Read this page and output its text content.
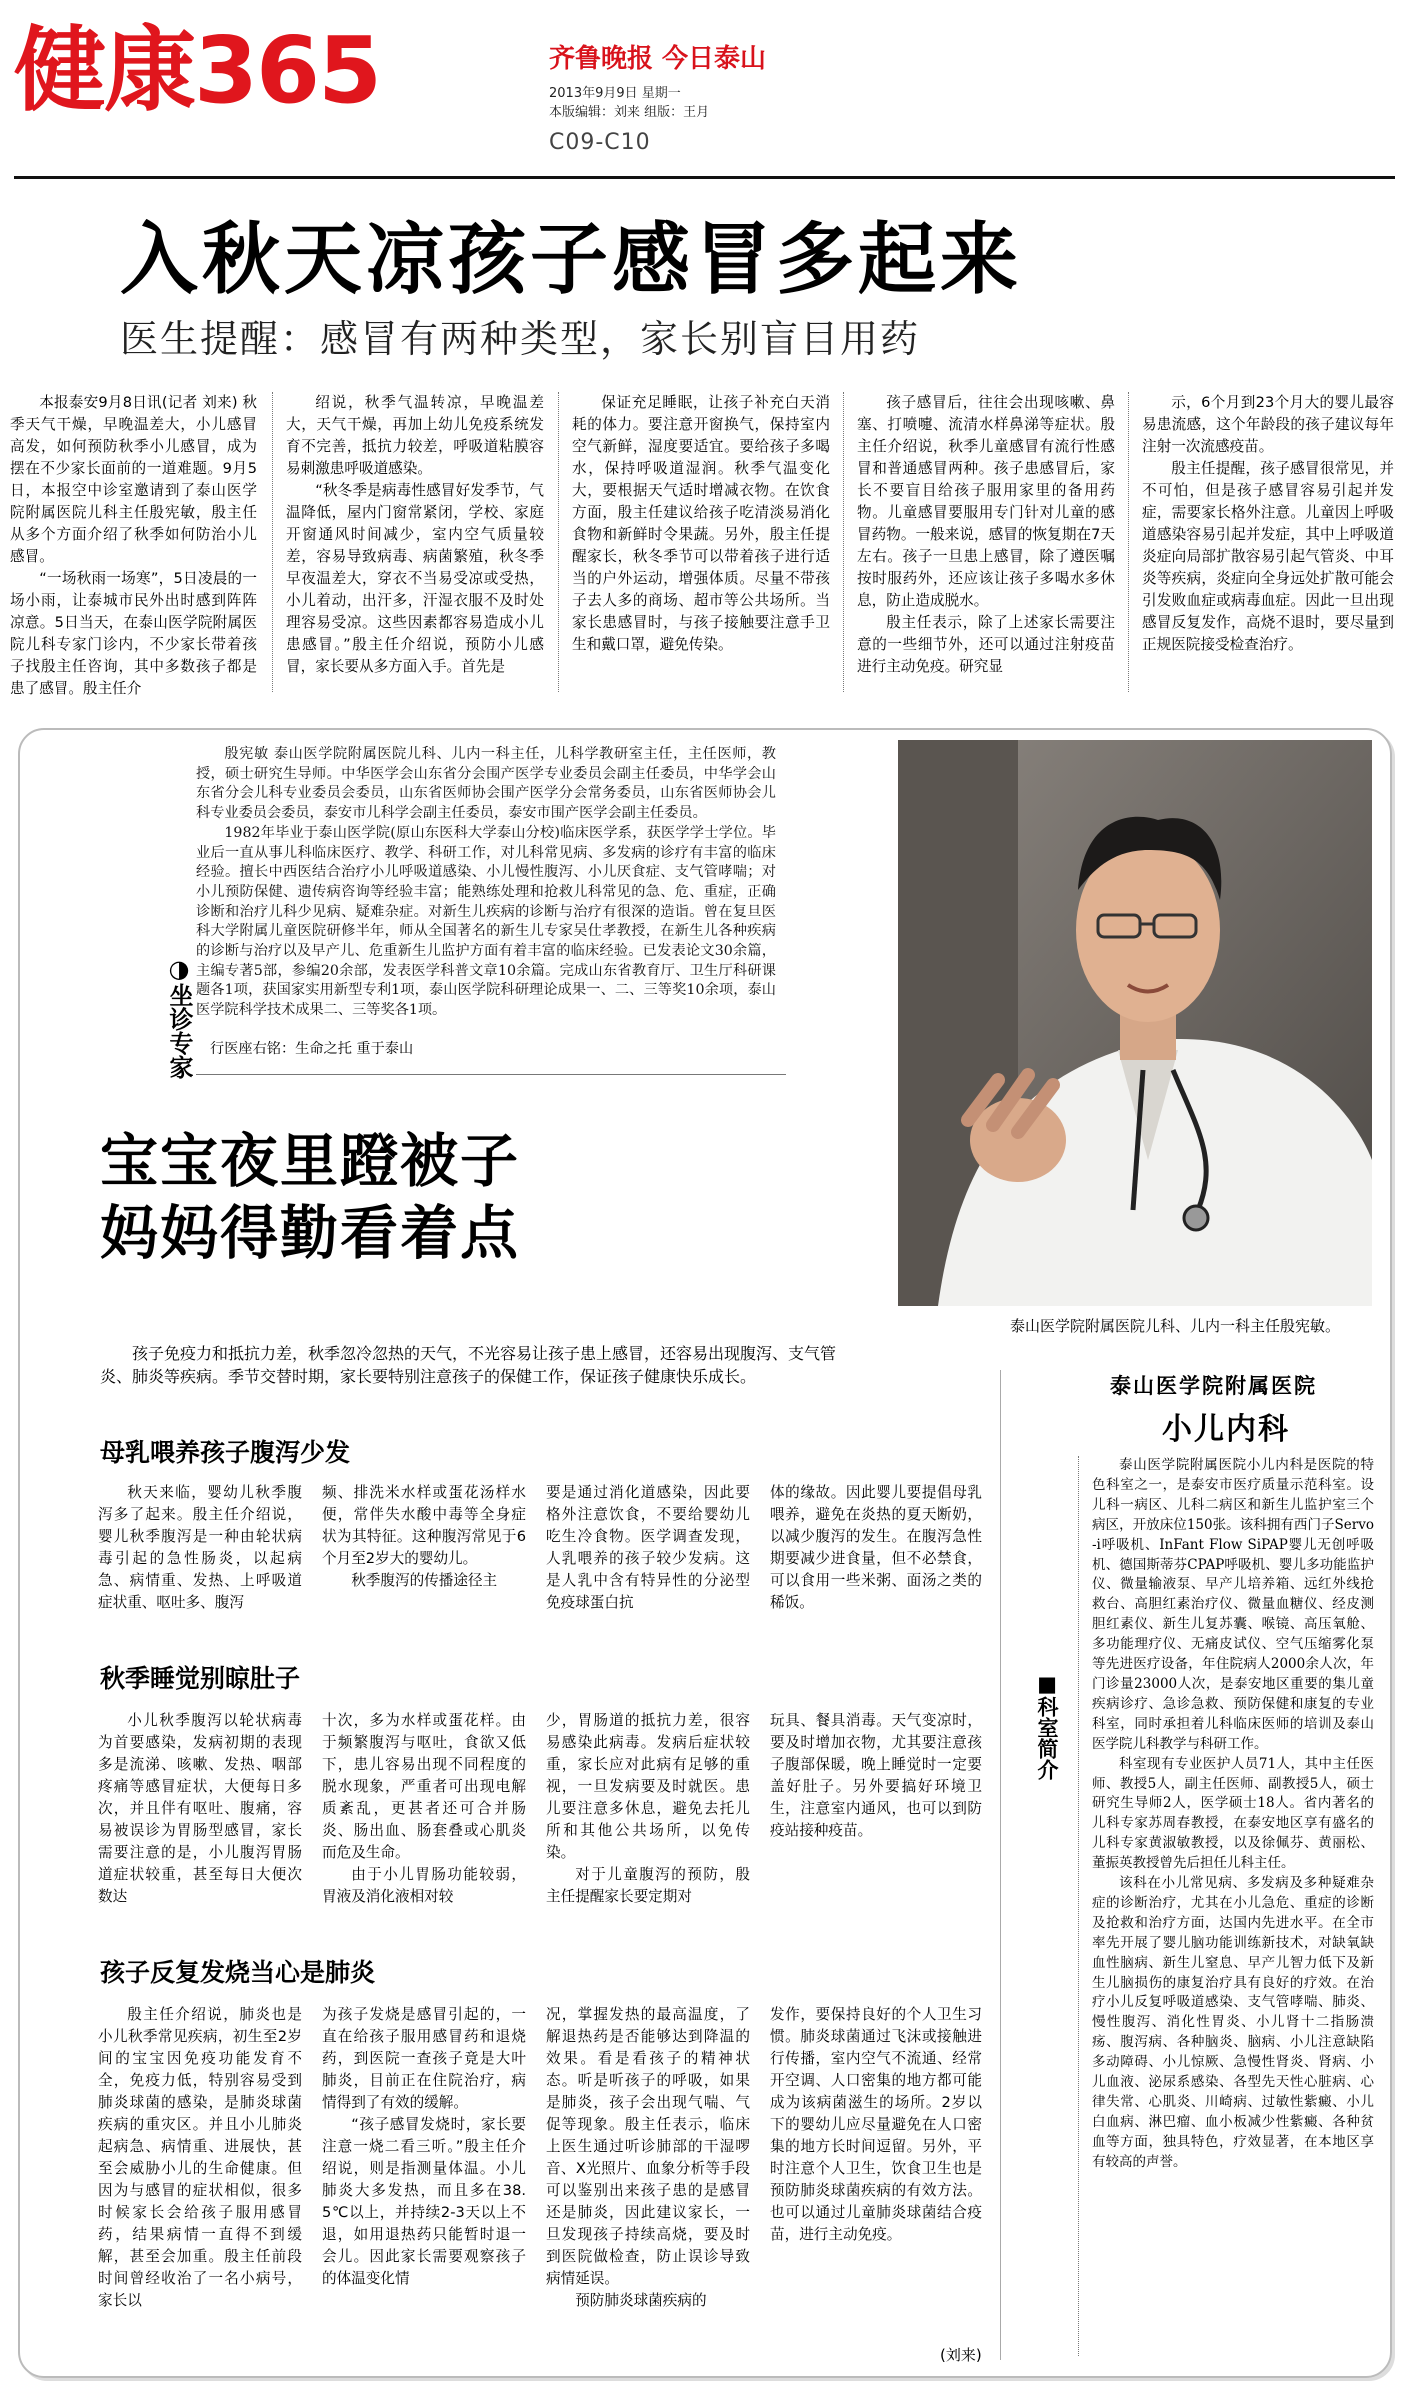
健康365	齐鲁晚报 今日泰山
2013年9月9日 星期一
本版编辑：刘来 组版：王月
C09-C10
入秋天凉孩子感冒多起来
医生提醒：感冒有两种类型，家长别盲目用药

本报泰安9月8日讯(记者 刘来) 秋季天气干燥，早晚温差大，小儿感冒高发，如何预防秋季小儿感冒，成为摆在不少家长面前的一道难题。9月5日，本报空中诊室邀请到了泰山医学院附属医院儿科主任殷宪敏，殷主任从多个方面介绍了秋季如何防治小儿感冒。

“一场秋雨一场寒”，5日凌晨的一场小雨，让泰城市民外出时感到阵阵凉意。5日当天，在泰山医学院附属医院儿科专家门诊内，不少家长带着孩子找殷主任咨询，其中多数孩子都是患了感冒。殷主任介

绍说，秋季气温转凉，早晚温差大，天气干燥，再加上幼儿免疫系统发育不完善，抵抗力较差，呼吸道粘膜容易刺激患呼吸道感染。

“秋冬季是病毒性感冒好发季节，气温降低，屋内门窗常紧闭，学校、家庭开窗通风时间减少，室内空气质量较差，容易导致病毒、病菌繁殖，秋冬季早夜温差大，穿衣不当易受凉或受热，小儿着动，出汗多，汗湿衣服不及时处理容易受凉。这些因素都容易造成小儿患感冒。”殷主任介绍说，预防小儿感冒，家长要从多方面入手。首先是

保证充足睡眠，让孩子补充白天消耗的体力。要注意开窗换气，保持室内空气新鲜，湿度要适宜。要给孩子多喝水，保持呼吸道湿润。秋季气温变化大，要根据天气适时增减衣物。在饮食方面，殷主任建议给孩子吃清淡易消化食物和新鲜时令果蔬。另外，殷主任提醒家长，秋冬季节可以带着孩子进行适当的户外运动，增强体质。尽量不带孩子去人多的商场、超市等公共场所。当家长患感冒时，与孩子接触要注意手卫生和戴口罩，避免传染。

孩子感冒后，往往会出现咳嗽、鼻塞、打喷嚏、流清水样鼻涕等症状。殷主任介绍说，秋季儿童感冒有流行性感冒和普通感冒两种。孩子患感冒后，家长不要盲目给孩子服用家里的备用药物。儿童感冒要服用专门针对儿童的感冒药物。一般来说，感冒的恢复期在7天左右。孩子一旦患上感冒，除了遵医嘱按时服药外，还应该让孩子多喝水多休息，防止造成脱水。

殷主任表示，除了上述家长需要注意的一些细节外，还可以通过注射疫苗进行主动免疫。研究显

示，6个月到23个月大的婴儿最容易患流感，这个年龄段的孩子建议每年注射一次流感疫苗。

殷主任提醒，孩子感冒很常见，并不可怕，但是孩子感冒容易引起并发症，需要家长格外注意。儿童因上呼吸道感染容易引起并发症，其中上呼吸道炎症向局部扩散容易引起气管炎、中耳炎等疾病，炎症向全身远处扩散可能会引发败血症或病毒血症。因此一旦出现感冒反复发作，高烧不退时，要尽量到正规医院接受检查治疗。

◑坐诊专家

殷宪敏 泰山医学院附属医院儿科、儿内一科主任，儿科学教研室主任，主任医师，教授，硕士研究生导师。中华医学会山东省分会围产医学专业委员会副主任委员，中华学会山东省分会儿科专业委员会委员，山东省医师协会围产医学分会常务委员，山东省医师协会儿科专业委员会委员，泰安市儿科学会副主任委员，泰安市围产医学会副主任委员。

1982年毕业于泰山医学院(原山东医科大学泰山分校)临床医学系，获医学学士学位。毕业后一直从事儿科临床医疗、教学、科研工作，对儿科常见病、多发病的诊疗有丰富的临床经验。擅长中西医结合治疗小儿呼吸道感染、小儿慢性腹泻、小儿厌食症、支气管哮喘；对小儿预防保健、遗传病咨询等经验丰富；能熟练处理和抢救儿科常见的急、危、重症，正确诊断和治疗儿科少见病、疑难杂症。对新生儿疾病的诊断与治疗有很深的造诣。曾在复旦医科大学附属儿童医院研修半年，师从全国著名的新生儿专家吴仕孝教授，在新生儿各种疾病的诊断与治疗以及早产儿、危重新生儿监护方面有着丰富的临床经验。已发表论文30余篇，主编专著5部，参编20余部，发表医学科普文章10余篇。完成山东省教育厅、卫生厅科研课题各1项，获国家实用新型专利1项，泰山医学院科研理论成果一、二、三等奖10余项，泰山医学院科学技术成果二、三等奖各1项。

行医座右铭：生命之托 重于泰山
泰山医学院附属医院儿科、儿内一科主任殷宪敏。
宝宝夜里蹬被子
妈妈得勤看着点

孩子免疫力和抵抗力差，秋季忽冷忽热的天气，不光容易让孩子患上感冒，还容易出现腹泻、支气管炎、肺炎等疾病。季节交替时期，家长要特别注意孩子的保健工作，保证孩子健康快乐成长。

母乳喂养孩子腹泻少发

秋天来临，婴幼儿秋季腹泻多了起来。殷主任介绍说，婴儿秋季腹泻是一种由轮状病毒引起的急性肠炎，以起病急、病情重、发热、上呼吸道症状重、呕吐多、腹泻

频、排洗米水样或蛋花汤样水便，常伴失水酸中毒等全身症状为其特征。这种腹泻常见于6个月至2岁大的婴幼儿。

秋季腹泻的传播途径主

要是通过消化道感染，因此要格外注意饮食，不要给婴幼儿吃生冷食物。医学调查发现，人乳喂养的孩子较少发病。这是人乳中含有特异性的分泌型免疫球蛋白抗

体的缘故。因此婴儿要提倡母乳喂养，避免在炎热的夏天断奶，以减少腹泻的发生。在腹泻急性期要减少进食量，但不必禁食，可以食用一些米粥、面汤之类的稀饭。

秋季睡觉别晾肚子

小儿秋季腹泻以轮状病毒为首要感染，发病初期的表现多是流涕、咳嗽、发热、咽部疼痛等感冒症状，大便每日多次，并且伴有呕吐、腹痛，容易被误诊为胃肠型感冒，家长需要注意的是，小儿腹泻胃肠道症状较重，甚至每日大便次数达

十次，多为水样或蛋花样。由于频繁腹泻与呕吐，食欲又低下，患儿容易出现不同程度的脱水现象，严重者可出现电解质紊乱，更甚者还可合并肠炎、肠出血、肠套叠或心肌炎而危及生命。

由于小儿胃肠功能较弱，胃液及消化液相对较

少，胃肠道的抵抗力差，很容易感染此病毒。发病后症状较重，家长应对此病有足够的重视，一旦发病要及时就医。患儿要注意多休息，避免去托儿所和其他公共场所，以免传染。

对于儿童腹泻的预防，殷主任提醒家长要定期对

玩具、餐具消毒。天气变凉时，要及时增加衣物，尤其要注意孩子腹部保暖，晚上睡觉时一定要盖好肚子。另外要搞好环境卫生，注意室内通风，也可以到防疫站接种疫苗。

孩子反复发烧当心是肺炎

殷主任介绍说，肺炎也是小儿秋季常见疾病，初生至2岁间的宝宝因免疫功能发育不全，免疫力低，特别容易受到肺炎球菌的感染，是肺炎球菌疾病的重灾区。并且小儿肺炎起病急、病情重、进展快，甚至会威胁小儿的生命健康。但因为与感冒的症状相似，很多时候家长会给孩子服用感冒药，结果病情一直得不到缓解，甚至会加重。殷主任前段时间曾经收治了一名小病号，家长以

为孩子发烧是感冒引起的，一直在给孩子服用感冒药和退烧药，到医院一查孩子竟是大叶肺炎，目前正在住院治疗，病情得到了有效的缓解。

“孩子感冒发烧时，家长要注意一烧二看三听。”殷主任介绍说，则是指测量体温。小儿肺炎大多发热，而且多在38.5℃以上，并持续2-3天以上不退，如用退热药只能暂时退一会儿。因此家长需要观察孩子的体温变化情

况，掌握发热的最高温度，了解退热药是否能够达到降温的效果。看是看孩子的精神状态。听是听孩子的呼吸，如果是肺炎，孩子会出现气喘、气促等现象。殷主任表示，临床上医生通过听诊肺部的干湿啰音、X光照片、血象分析等手段可以鉴别出来孩子患的是感冒还是肺炎，因此建议家长，一旦发现孩子持续高烧，要及时到医院做检查，防止误诊导致病情延误。

预防肺炎球菌疾病的

发作，要保持良好的个人卫生习惯。肺炎球菌通过飞沫或接触进行传播，室内空气不流通、经常开空调、人口密集的地方都可能成为该病菌滋生的场所。2岁以下的婴幼儿应尽量避免在人口密集的地方长时间逗留。另外，平时注意个人卫生，饮食卫生也是预防肺炎球菌疾病的有效方法。也可以通过儿童肺炎球菌结合疫苗，进行主动免疫。

(刘来)
泰山医学院附属医院
小儿内科
■科室简介

泰山医学院附属医院小儿内科是医院的特色科室之一，是泰安市医疗质量示范科室。设儿科一病区、儿科二病区和新生儿监护室三个病区，开放床位150张。该科拥有西门子Servo-i呼吸机、InFant Flow SiPAP婴儿无创呼吸机、德国斯蒂芬CPAP呼吸机、婴儿多功能监护仪、微量输液泵、早产儿培养箱、远红外线抢救台、高胆红素治疗仪、微量血糖仪、经皮测胆红素仪、新生儿复苏囊、喉镜、高压氧舱、多功能理疗仪、无痛皮试仪、空气压缩雾化泵等先进医疗设备，年住院病人2000余人次，年门诊量23000人次，是泰安地区重要的集儿童疾病诊疗、急诊急救、预防保健和康复的专业科室，同时承担着儿科临床医师的培训及泰山医学院儿科教学与科研工作。

科室现有专业医护人员71人，其中主任医师、教授5人，副主任医师、副教授5人，硕士研究生导师2人，医学硕士18人。省内著名的儿科专家苏周春教授，在泰安地区享有盛名的儿科专家黄淑敏教授，以及徐佩芬、黄丽松、董振英教授曾先后担任儿科主任。

该科在小儿常见病、多发病及多种疑难杂症的诊断治疗，尤其在小儿急危、重症的诊断及抢救和治疗方面，达国内先进水平。在全市率先开展了婴儿脑功能训练新技术，对缺氧缺血性脑病、新生儿窒息、早产儿智力低下及新生儿脑损伤的康复治疗具有良好的疗效。在治疗小儿反复呼吸道感染、支气管哮喘、肺炎、慢性腹泻、消化性胃炎、小儿肾十二指肠溃疡、腹泻病、各种脑炎、脑病、小儿注意缺陷多动障碍、小儿惊厥、急慢性肾炎、肾病、小儿血液、泌尿系感染、各型先天性心脏病、心律失常、心肌炎、川崎病、过敏性紫癜、小儿白血病、淋巴瘤、血小板减少性紫癜、各种贫血等方面，独具特色，疗效显著，在本地区享有较高的声誉。
